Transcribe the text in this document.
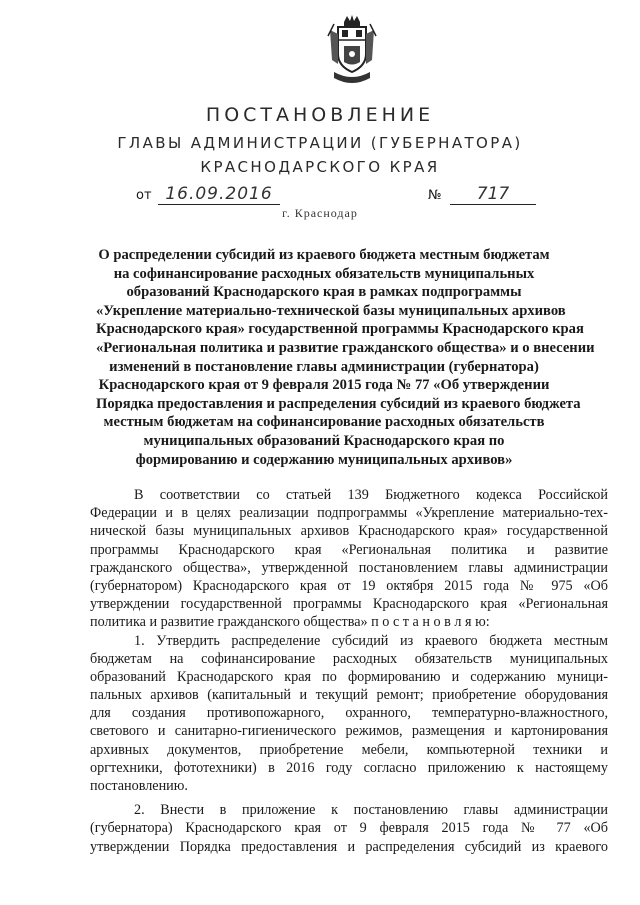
ПОСТАНОВЛЕНИЕ
ГЛАВЫ АДМИНИСТРАЦИИ (ГУБЕРНАТОРА)
КРАСНОДАРСКОГО КРАЯ
от 16.09.2016	№	717
г. Краснодар
О распределении субсидий из краевого бюджета местным бюджетам
на софинансирование расходных обязательств муниципальных
образований Краснодарского края в рамках подпрограммы
«Укрепление материально-технической базы муниципальных архивов
Краснодарского края» государственной программы Краснодарского края
«Региональная политика и развитие гражданского общества» и о внесении
изменений в постановление главы администрации (губернатора)
Краснодарского края от 9 февраля 2015 года № 77 «Об утверждении
Порядка предоставления и распределения субсидий из краевого бюджета
местным бюджетам на софинансирование расходных обязательств
муниципальных образований Краснодарского края по
формированию и содержанию муниципальных архивов»
В соответствии со статьей 139 Бюджетного кодекса Российской
Федерации и в целях реализации подпрограммы «Укрепление материально-тех-
нической базы муниципальных архивов Краснодарского края» государственной
программы Краснодарского края «Региональная политика и развитие
гражданского общества», утвержденной постановлением главы администрации
(губернатором) Краснодарского края от 19 октября 2015 года № 975 «Об
утверждении государственной программы Краснодарского края «Региональная
политика и развитие гражданского общества» п о с т а н о в л я ю:
1. Утвердить распределение субсидий из краевого бюджета местным
бюджетам на софинансирование расходных обязательств муниципальных
образований Краснодарского края по формированию и содержанию муници-
пальных архивов (капитальный и текущий ремонт; приобретение оборудования
для создания противопожарного, охранного, температурно-влажностного,
светового и санитарно-гигиенического режимов, размещения и картонирования
архивных документов, приобретение мебели, компьютерной техники и
оргтехники, фототехники) в 2016 году согласно приложению к настоящему
постановлению.
2. Внести в приложение к постановлению главы администрации
(губернатора) Краснодарского края от 9 февраля 2015 года № 77 «Об
утверждении Порядка предоставления и распределения субсидий из краевого
